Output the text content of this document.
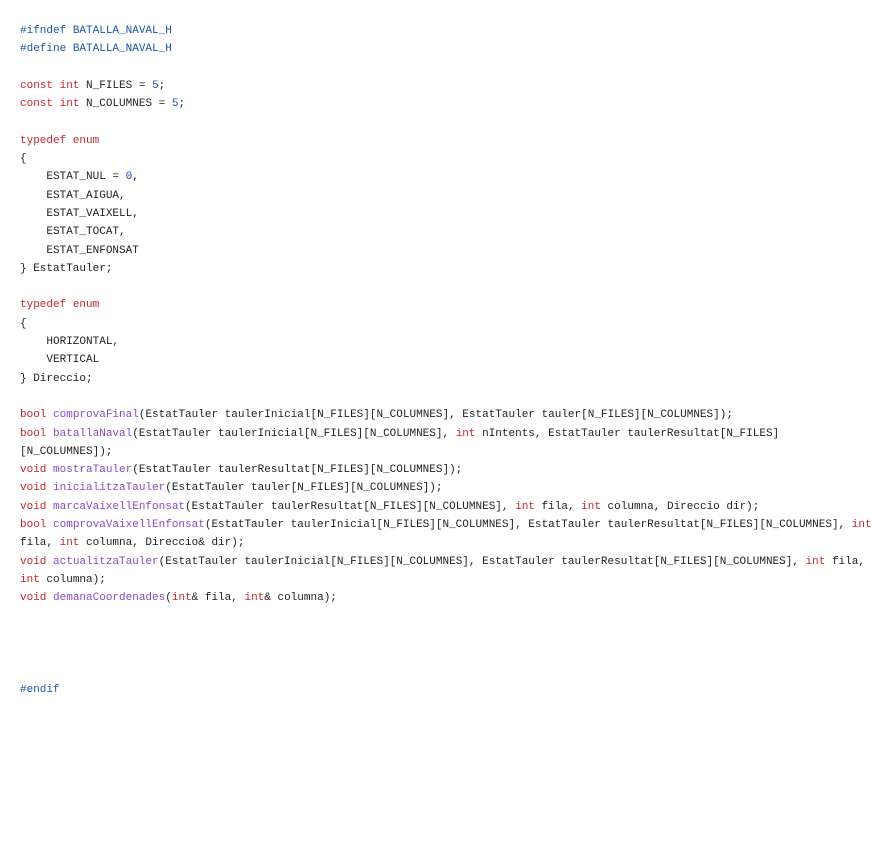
#ifndef BATALLA_NAVAL_H
#define BATALLA_NAVAL_H

const int N_FILES = 5;
const int N_COLUMNES = 5;

typedef enum
{
ESTAT_NUL = 0,
ESTAT_AIGUA,
ESTAT_VAIXELL,
ESTAT_TOCAT,
ESTAT_ENFONSAT
} EstatTauler;

typedef enum
{
HORIZONTAL,
VERTICAL
} Direccio;

bool comprovaFinal(EstatTauler taulerInicial[N_FILES][N_COLUMNES], EstatTauler tauler[N_FILES][N_COLUMNES]);
bool batallaNaval(EstatTauler taulerInicial[N_FILES][N_COLUMNES], int nIntents, EstatTauler taulerResultat[N_FILES]
[N_COLUMNES]);
void mostraTauler(EstatTauler taulerResultat[N_FILES][N_COLUMNES]);
void inicialitzaTauler(EstatTauler tauler[N_FILES][N_COLUMNES]);
void marcaVaixellEnfonsat(EstatTauler taulerResultat[N_FILES][N_COLUMNES], int fila, int columna, Direccio dir);
bool comprovaVaixellEnfonsat(EstatTauler taulerInicial[N_FILES][N_COLUMNES], EstatTauler taulerResultat[N_FILES][N_COLUMNES], int
fila, int columna, Direccio& dir);
void actualitzaTauler(EstatTauler taulerInicial[N_FILES][N_COLUMNES], EstatTauler taulerResultat[N_FILES][N_COLUMNES], int fila,
int columna);
void demanaCoordenades(int& fila, int& columna);

#endif
